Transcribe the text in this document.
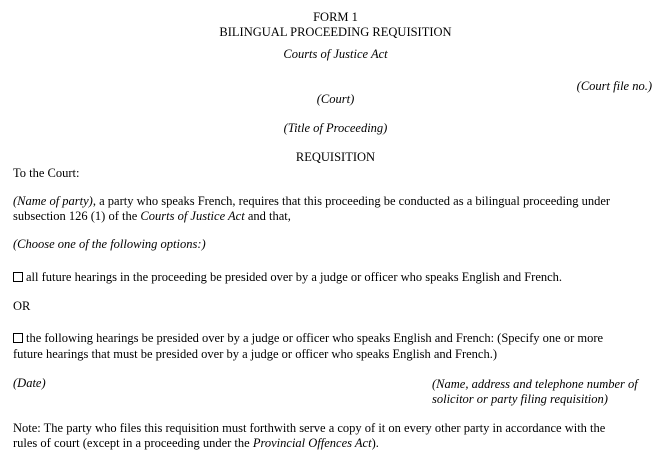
FORM 1
BILINGUAL PROCEEDING REQUISITION
Courts of Justice Act
(Court file no.)
(Court)
(Title of Proceeding)
REQUISITION
To the Court:
(Name of party), a party who speaks French, requires that this proceeding be conducted as a bilingual proceeding under
subsection 126 (1) of the Courts of Justice Act and that,
(Choose one of the following options:)
all future hearings in the proceeding be presided over by a judge or officer who speaks English and French.
OR
the following hearings be presided over by a judge or officer who speaks English and French: (Specify one or more
future hearings that must be presided over by a judge or officer who speaks English and French.)
(Date)	(Name, address and telephone number of
solicitor or party filing requisition)
Note: The party who files this requisition must forthwith serve a copy of it on every other party in accordance with the
rules of court (except in a proceeding under the Provincial Offences Act).
